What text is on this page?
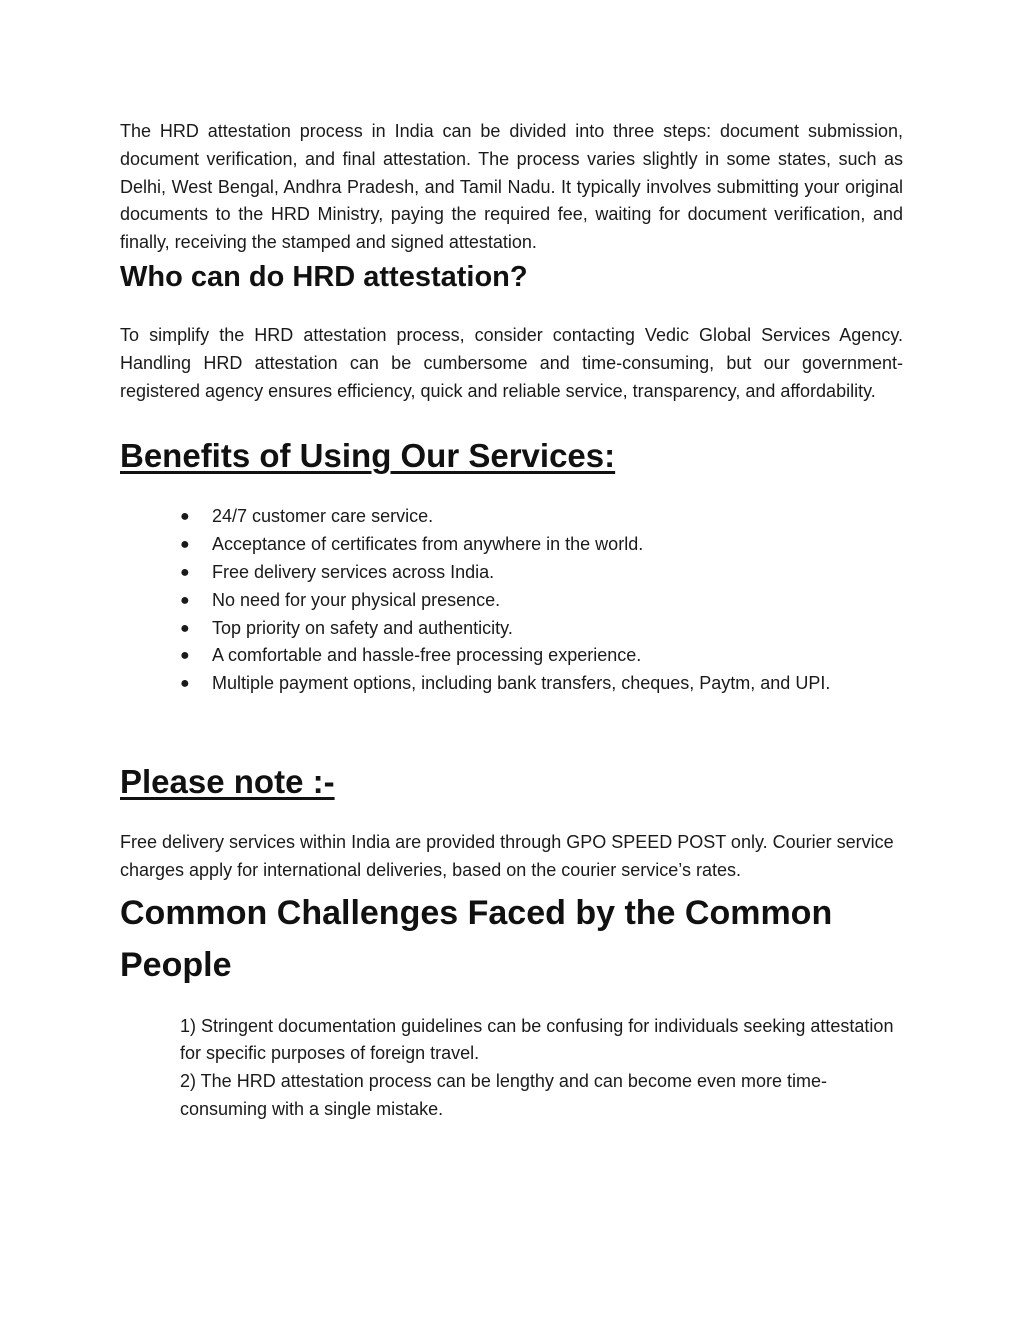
The HRD attestation process in India can be divided into three steps: document submission, document verification, and final attestation. The process varies slightly in some states, such as Delhi, West Bengal, Andhra Pradesh, and Tamil Nadu. It typically involves submitting your original documents to the HRD Ministry, paying the required fee, waiting for document verification, and finally, receiving the stamped and signed attestation.

Who can do HRD attestation?

To simplify the HRD attestation process, consider contacting Vedic Global Services Agency. Handling HRD attestation can be cumbersome and time-consuming, but our government-registered agency ensures efficiency, quick and reliable service, transparency, and affordability.

Benefits of Using Our Services:
● 24/7 customer care service.
● Acceptance of certificates from anywhere in the world.
● Free delivery services across India.
● No need for your physical presence.
● Top priority on safety and authenticity.
● A comfortable and hassle-free processing experience.
● Multiple payment options, including bank transfers, cheques, Paytm, and UPI.
Please note :-

Free delivery services within India are provided through GPO SPEED POST only. Courier service charges apply for international deliveries, based on the courier service’s rates.

Common Challenges Faced by the Common People

1) Stringent documentation guidelines can be confusing for individuals seeking attestation for specific purposes of foreign travel.

2) The HRD attestation process can be lengthy and can become even more time-consuming with a single mistake.
